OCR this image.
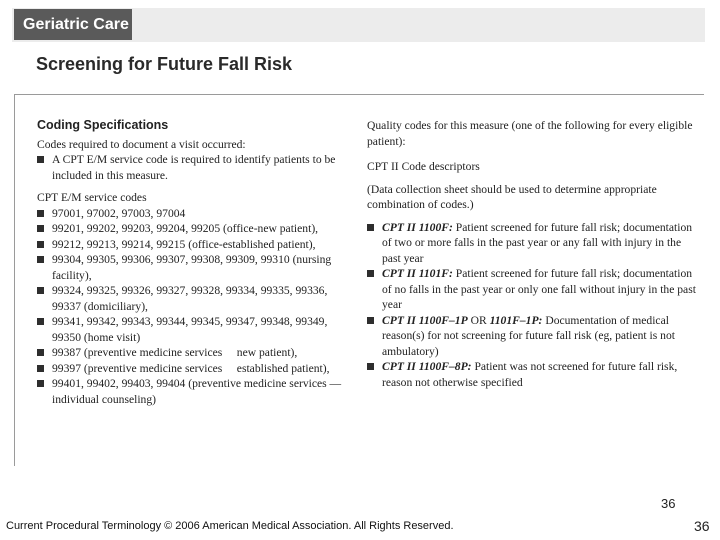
Geriatric Care
Screening for Future Fall Risk
Coding Specifications

Codes required to document a visit occurred:

A CPT E/M service code is required to identify patients to be included in this measure.

CPT E/M service codes

97001, 97002, 97003, 97004
99201, 99202, 99203, 99204, 99205 (office-new patient),
99212, 99213, 99214, 99215 (office-established patient),
99304, 99305, 99306, 99307, 99308, 99309, 99310 (nursing facility),
99324, 99325, 99326, 99327, 99328, 99334, 99335, 99336, 99337 (domiciliary),
99341, 99342, 99343, 99344, 99345, 99347, 99348, 99349, 99350 (home visit)
99387 (preventive medicine services     new patient),
99397 (preventive medicine services     established patient),
99401, 99402, 99403, 99404 (preventive medicine services — individual counseling)

Quality codes for this measure (one of the following for every eligible patient):

CPT II Code descriptors

(Data collection sheet should be used to determine appropriate combination of codes.)

CPT II 1100F: Patient screened for future fall risk; documentation of two or more falls in the past year or any fall with injury in the past year
CPT II 1101F: Patient screened for future fall risk; documentation of no falls in the past year or only one fall without injury in the past year
CPT II 1100F–1P OR 1101F–1P: Documentation of medical reason(s) for not screening for future fall risk (eg, patient is not ambulatory)
CPT II 1100F–8P: Patient was not screened for future fall risk, reason not otherwise specified
36
Current Procedural Terminology © 2006 American Medical Association. All Rights Reserved.	36
